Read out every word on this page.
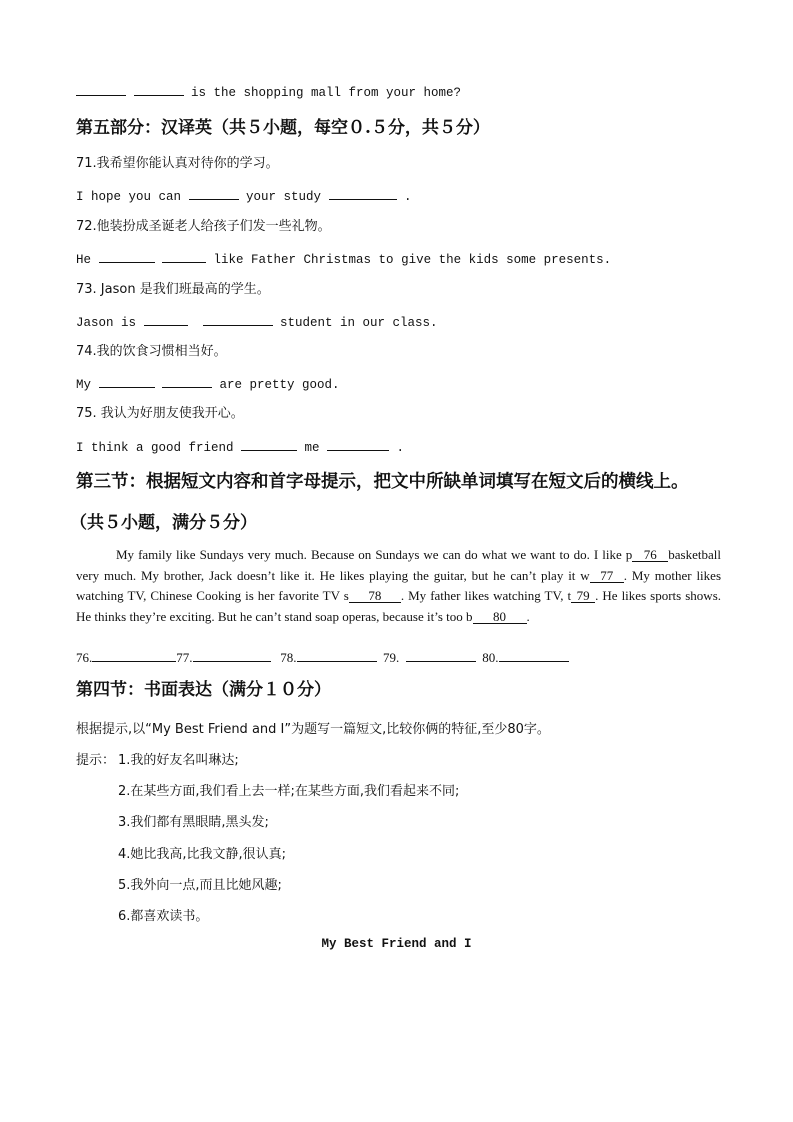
is the shopping mall from your home?
第五部分：汉译英（共５小题，每空０.５分，共５分）
71.我希望你能认真对待你的学习。
I hope you can	your study	.
72.他装扮成圣诞老人给孩子们发一些礼物。
He	like Father Christmas to give the kids some presents.
73. Jason 是我们班最高的学生。
Jason is	student in our class.
74.我的饮食习惯相当好。
My	are pretty good.
75. 我认为好朋友使我开心。
I think a good friend	me	.
第三节：根据短文内容和首字母提示，把文中所缺单词填写在短文后的横线上。
（共５小题，满分５分）
My family like Sundays very much. Because on Sundays we can do what we want to do. I like p 76 basketball very much. My brother, Jack doesn’t like it. He likes playing the guitar, but he can’t play it w 77 . My mother likes watching TV, Chinese Cooking is her favorite TV s 78 . My father likes watching TV, t 79 . He likes sports shows. He thinks they’re exciting. But he can’t stand soap operas, because it’s too b 80 .
76.	77.	78.	79.	80.
第四节：书面表达（满分１０分）
根据提示,以“My Best Friend and I”为题写一篇短文,比较你俩的特征,至少80字。
提示： 1.我的好友名叫琳达;
2.在某些方面,我们看上去一样;在某些方面,我们看起来不同;
3.我们都有黑眼睛,黑头发;
4.她比我高,比我文静,很认真;
5.我外向一点,而且比她风趣;
6.都喜欢读书。
My Best Friend and I
